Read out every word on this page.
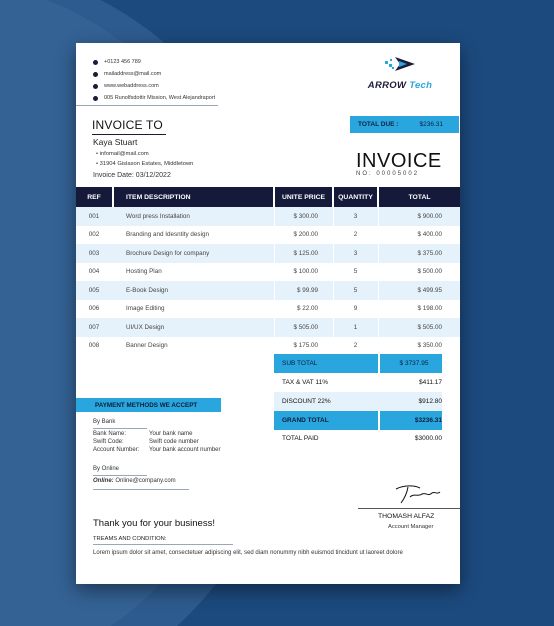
+0123 456 789
mailaddress@mail.com
www.webaddress.com
005 Runolfsdottir Mission, West Alejandraport
ARROW Tech
INVOICE TO
Kaya Stuart
• infomail@mail.com
• 31904 Gislason Estates, Middletown
Invoice Date: 03/12/2022
TOTAL DUE :	$236.31
INVOICE
NO: 00005002
REF	ITEM DESCRIPTION	UNITE PRICE	QUANTITY	TOTAL
001	Word press Installation	$ 300.00	3	$ 900.00
002	Branding and Idesntity design	$ 200.00	2	$ 400.00
003	Brochure Design for company	$ 125.00	3	$ 375.00
004	Hosting Plan	$ 100.00	5	$ 500.00
005	E-Book Design	$ 99.99	5	$ 499.95
006	Image Editing	$ 22.00	9	$ 198.00
007	UI/UX Design	$ 505.00	1	$ 505.00
008	Banner Design	$ 175.00	2	$ 350.00
SUB TOTAL	$ 3737.95
TAX & VAT 11%	$411.17
DISCOUNT 22%	$912.80
GRAND TOTAL	$3236.31
TOTAL PAID	$3000.00
PAYMENT METHODS WE ACCEPT
By Bank
Bank Name:	Your bank name
Swift Code:	Swift code number
Account Number: Your bank account number
By Online
Online: Online@company.com
THOMASH ALFAZ
Account Manager
Thank you for your business!
TREAMS AND CONDITION:
Lorem ipsum dolor sit amet, consectetuer adipiscing elit, sed diam nonummy nibh euismod tincidunt ut laoreet dolore
